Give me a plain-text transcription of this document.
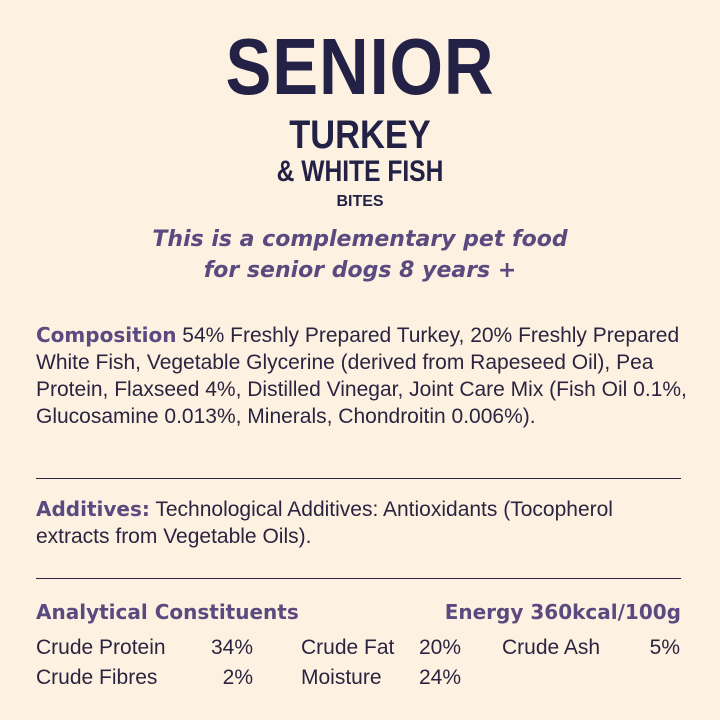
SENIOR
TURKEY
& WHITE FISH
BITES
This is a complementary pet food
for senior dogs 8 years +
Composition 54% Freshly Prepared Turkey, 20% Freshly Prepared White Fish, Vegetable Glycerine (derived from Rapeseed Oil), Pea Protein, Flaxseed 4%, Distilled Vinegar, Joint Care Mix (Fish Oil 0.1%, Glucosamine 0.013%, Minerals, Chondroitin 0.006%).
Additives: Technological Additives: Antioxidants (Tocopherol extracts from Vegetable Oils).
Analytical Constituents	Energy 360kcal/100g
Crude Protein	34% Crude Fat	20% Crude Ash	5%
Crude Fibres	2% Moisture	24%
